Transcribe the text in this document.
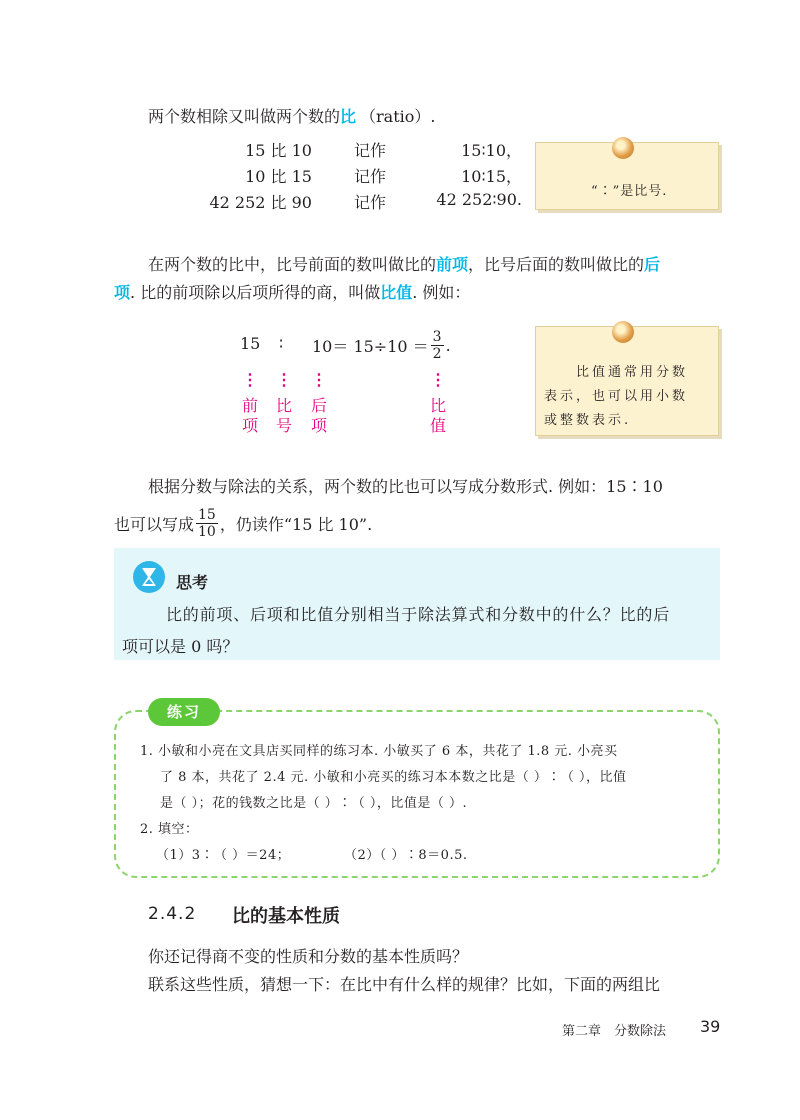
两个数相除又叫做两个数的比 （ratio）.
15 比 10	记作	15∶10，
10 比 15	记作	10∶15，
42 252 比 90	记作	42 252∶90.	“∶”是比号.
在两个数的比中，比号前面的数叫做比的前项，比号后面的数叫做比的后
项. 比的前项除以后项所得的商，叫做比值. 例如：
15 ∶ $10= 15\div 10 = \frac{3}{2}$ .
⋮
前
项
⋮
比
号
⋮
后
项
⋮
比
值
比值通常用分数
表示，也可以用小数
或整数表示.
根据分数与除法的关系，两个数的比也可以写成分数形式. 例如：15∶10
也可以写成 $\frac{15}{10}$ ，仍读作“15 比 10”.
思考
比的前项、后项和比值分别相当于除法算式和分数中的什么？比的后
项可以是 0 吗？
练习
1. 小敏和小亮在文具店买同样的练习本. 小敏买了 6 本，共花了 1.8 元. 小亮买
了 8 本，共花了 2.4 元. 小敏和小亮买的练习本本数之比是（ ）∶（ ），比值
是（ ）；花的钱数之比是（ ）∶（ ），比值是（ ）.
2. 填空：
（1）3∶（ ）＝24；	（2）（ ）∶8＝0.5.
2.4.2 比的基本性质
你还记得商不变的性质和分数的基本性质吗？
联系这些性质，猜想一下：在比中有什么样的规律？比如，下面的两组比
第二章　分数除法 39
